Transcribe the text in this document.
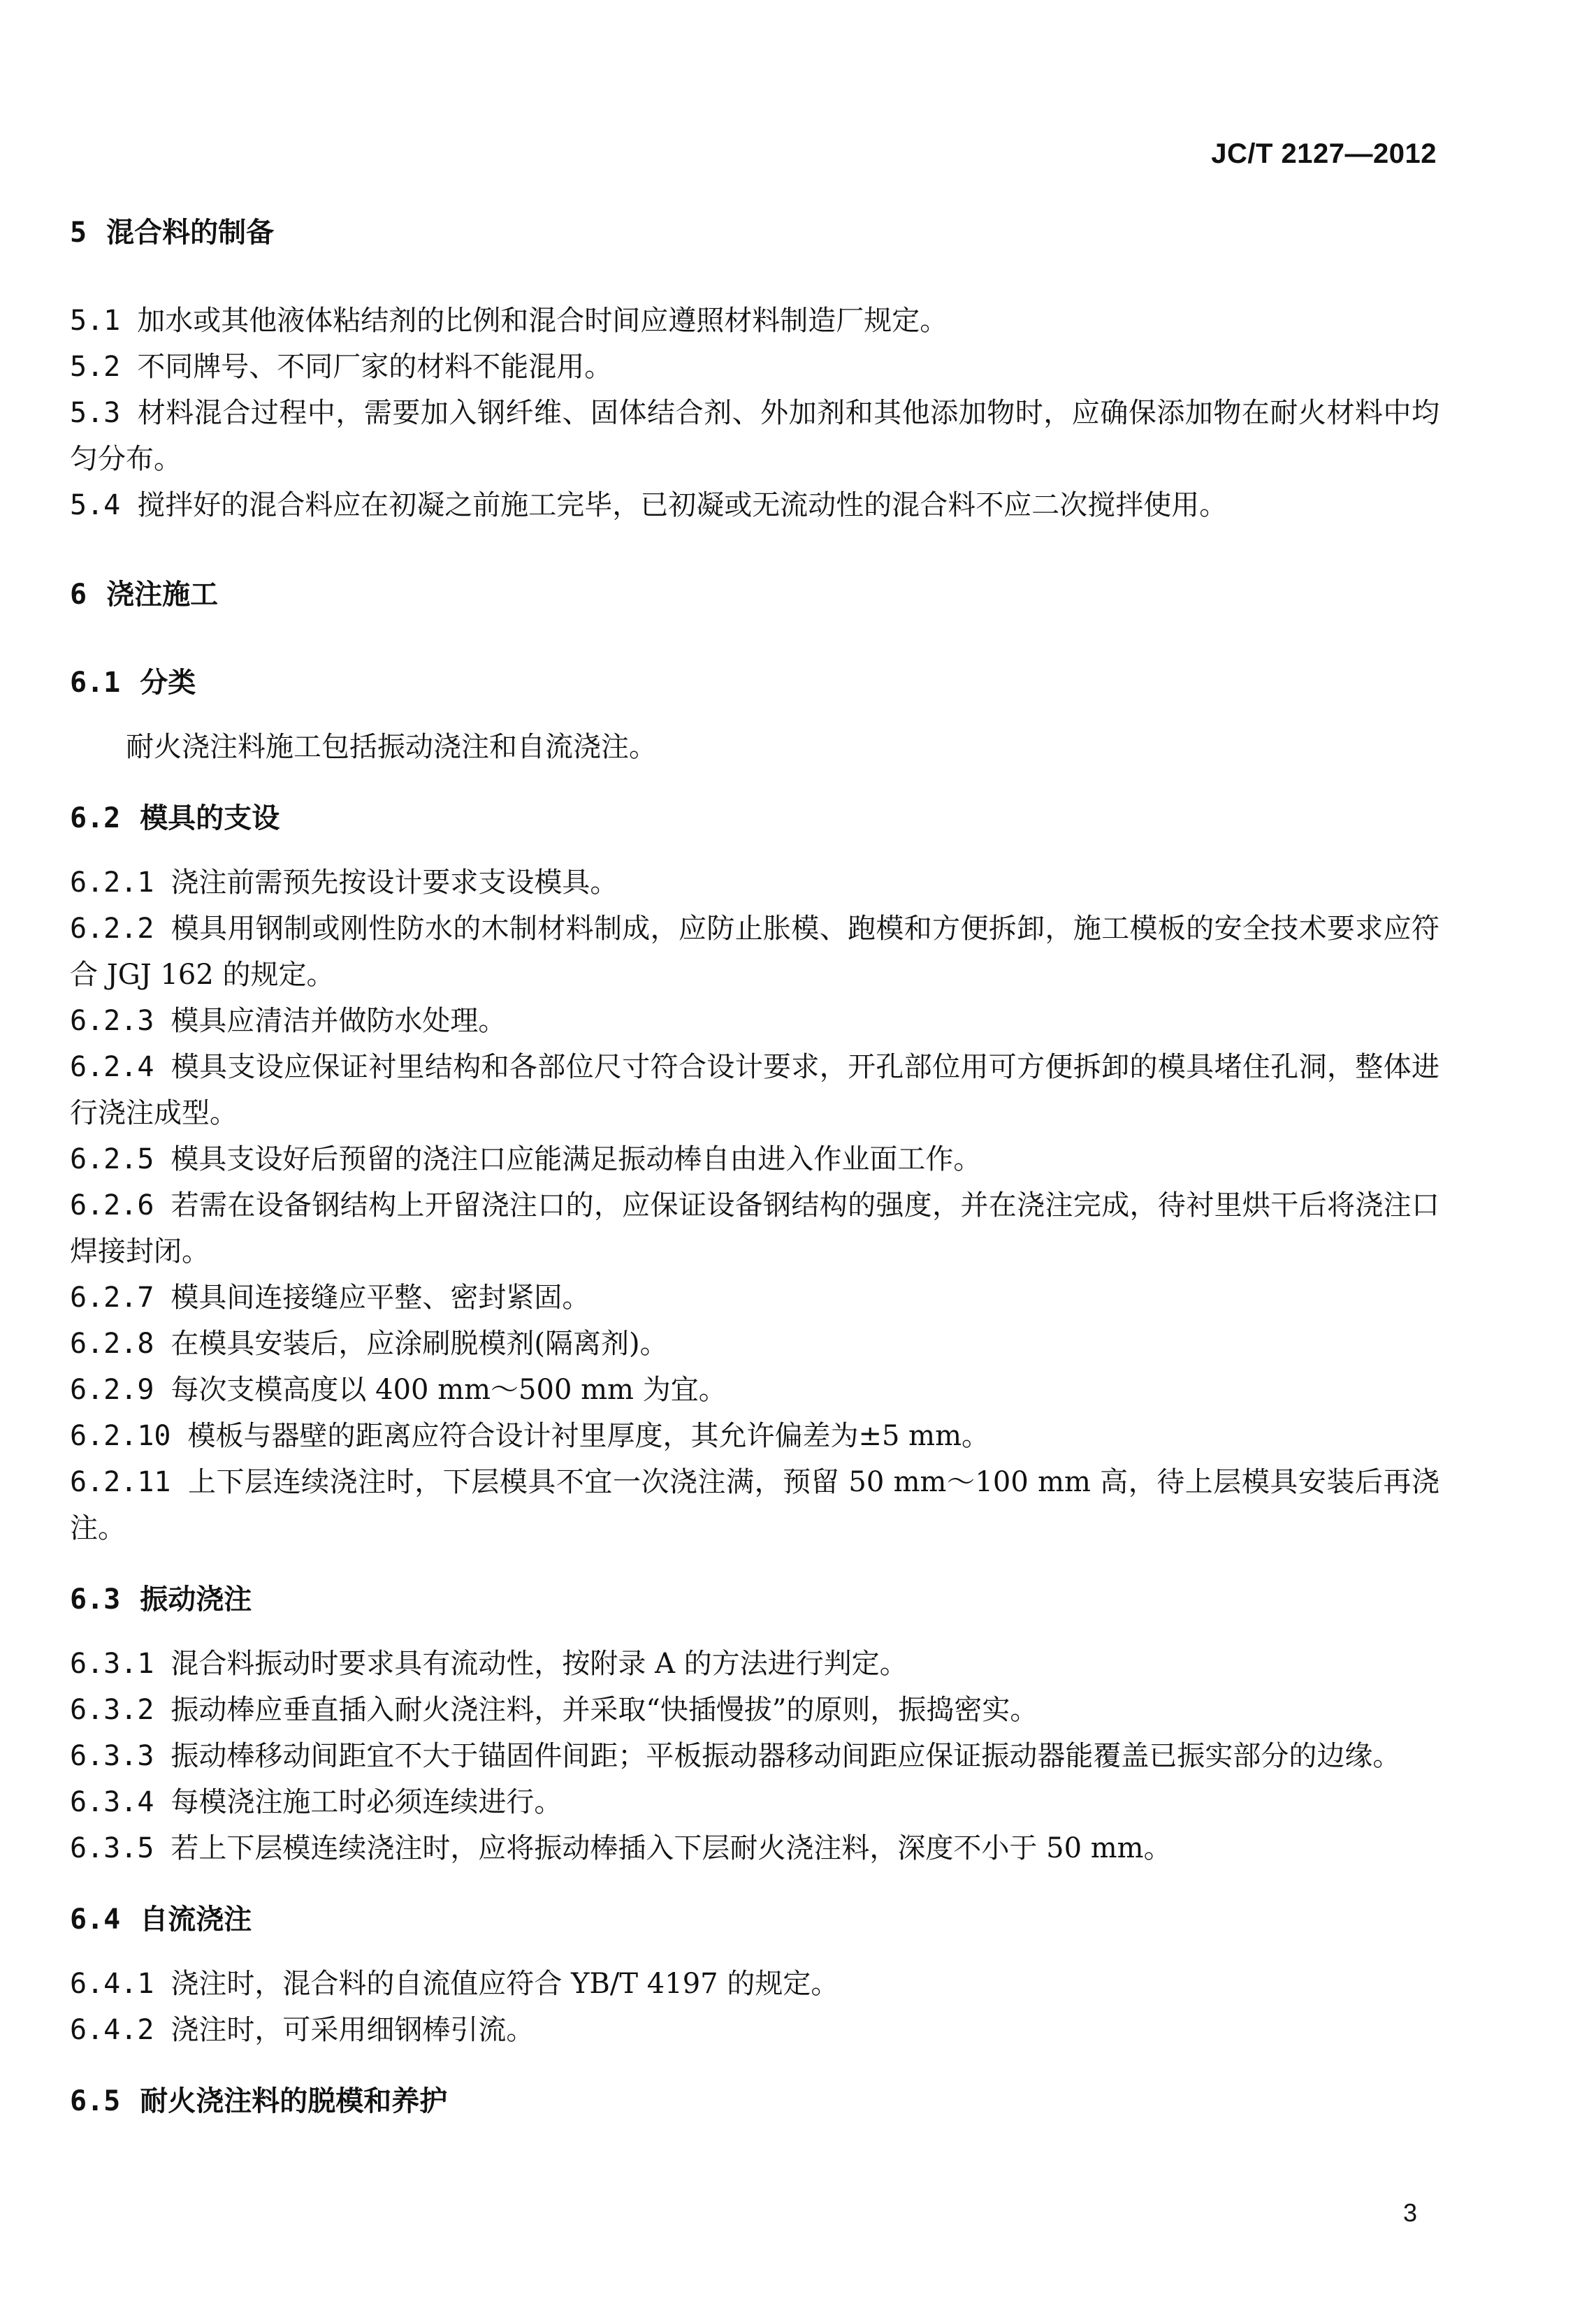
JC/T 2127—2012
5 混合料的制备
5.1 加水或其他液体粘结剂的比例和混合时间应遵照材料制造厂规定。
5.2 不同牌号、不同厂家的材料不能混用。
5.3 材料混合过程中，需要加入钢纤维、固体结合剂、外加剂和其他添加物时，应确保添加物在耐火材料中均匀分布。
5.4 搅拌好的混合料应在初凝之前施工完毕，已初凝或无流动性的混合料不应二次搅拌使用。
6 浇注施工
6.1 分类
耐火浇注料施工包括振动浇注和自流浇注。
6.2 模具的支设
6.2.1 浇注前需预先按设计要求支设模具。
6.2.2 模具用钢制或刚性防水的木制材料制成，应防止胀模、跑模和方便拆卸，施工模板的安全技术要求应符合 JGJ 162 的规定。
6.2.3 模具应清洁并做防水处理。
6.2.4 模具支设应保证衬里结构和各部位尺寸符合设计要求，开孔部位用可方便拆卸的模具堵住孔洞，整体进行浇注成型。
6.2.5 模具支设好后预留的浇注口应能满足振动棒自由进入作业面工作。
6.2.6 若需在设备钢结构上开留浇注口的，应保证设备钢结构的强度，并在浇注完成，待衬里烘干后将浇注口焊接封闭。
6.2.7 模具间连接缝应平整、密封紧固。
6.2.8 在模具安装后，应涂刷脱模剂(隔离剂)。
6.2.9 每次支模高度以 400 mm～500 mm 为宜。
6.2.10 模板与器壁的距离应符合设计衬里厚度，其允许偏差为±5 mm。
6.2.11 上下层连续浇注时，下层模具不宜一次浇注满，预留 50 mm～100 mm 高，待上层模具安装后再浇注。
6.3 振动浇注
6.3.1 混合料振动时要求具有流动性，按附录 A 的方法进行判定。
6.3.2 振动棒应垂直插入耐火浇注料，并采取“快插慢拔”的原则，振捣密实。
6.3.3 振动棒移动间距宜不大于锚固件间距；平板振动器移动间距应保证振动器能覆盖已振实部分的边缘。
6.3.4 每模浇注施工时必须连续进行。
6.3.5 若上下层模连续浇注时，应将振动棒插入下层耐火浇注料，深度不小于 50 mm。
6.4 自流浇注
6.4.1 浇注时，混合料的自流值应符合 YB/T 4197 的规定。
6.4.2 浇注时，可采用细钢棒引流。
6.5 耐火浇注料的脱模和养护
3
